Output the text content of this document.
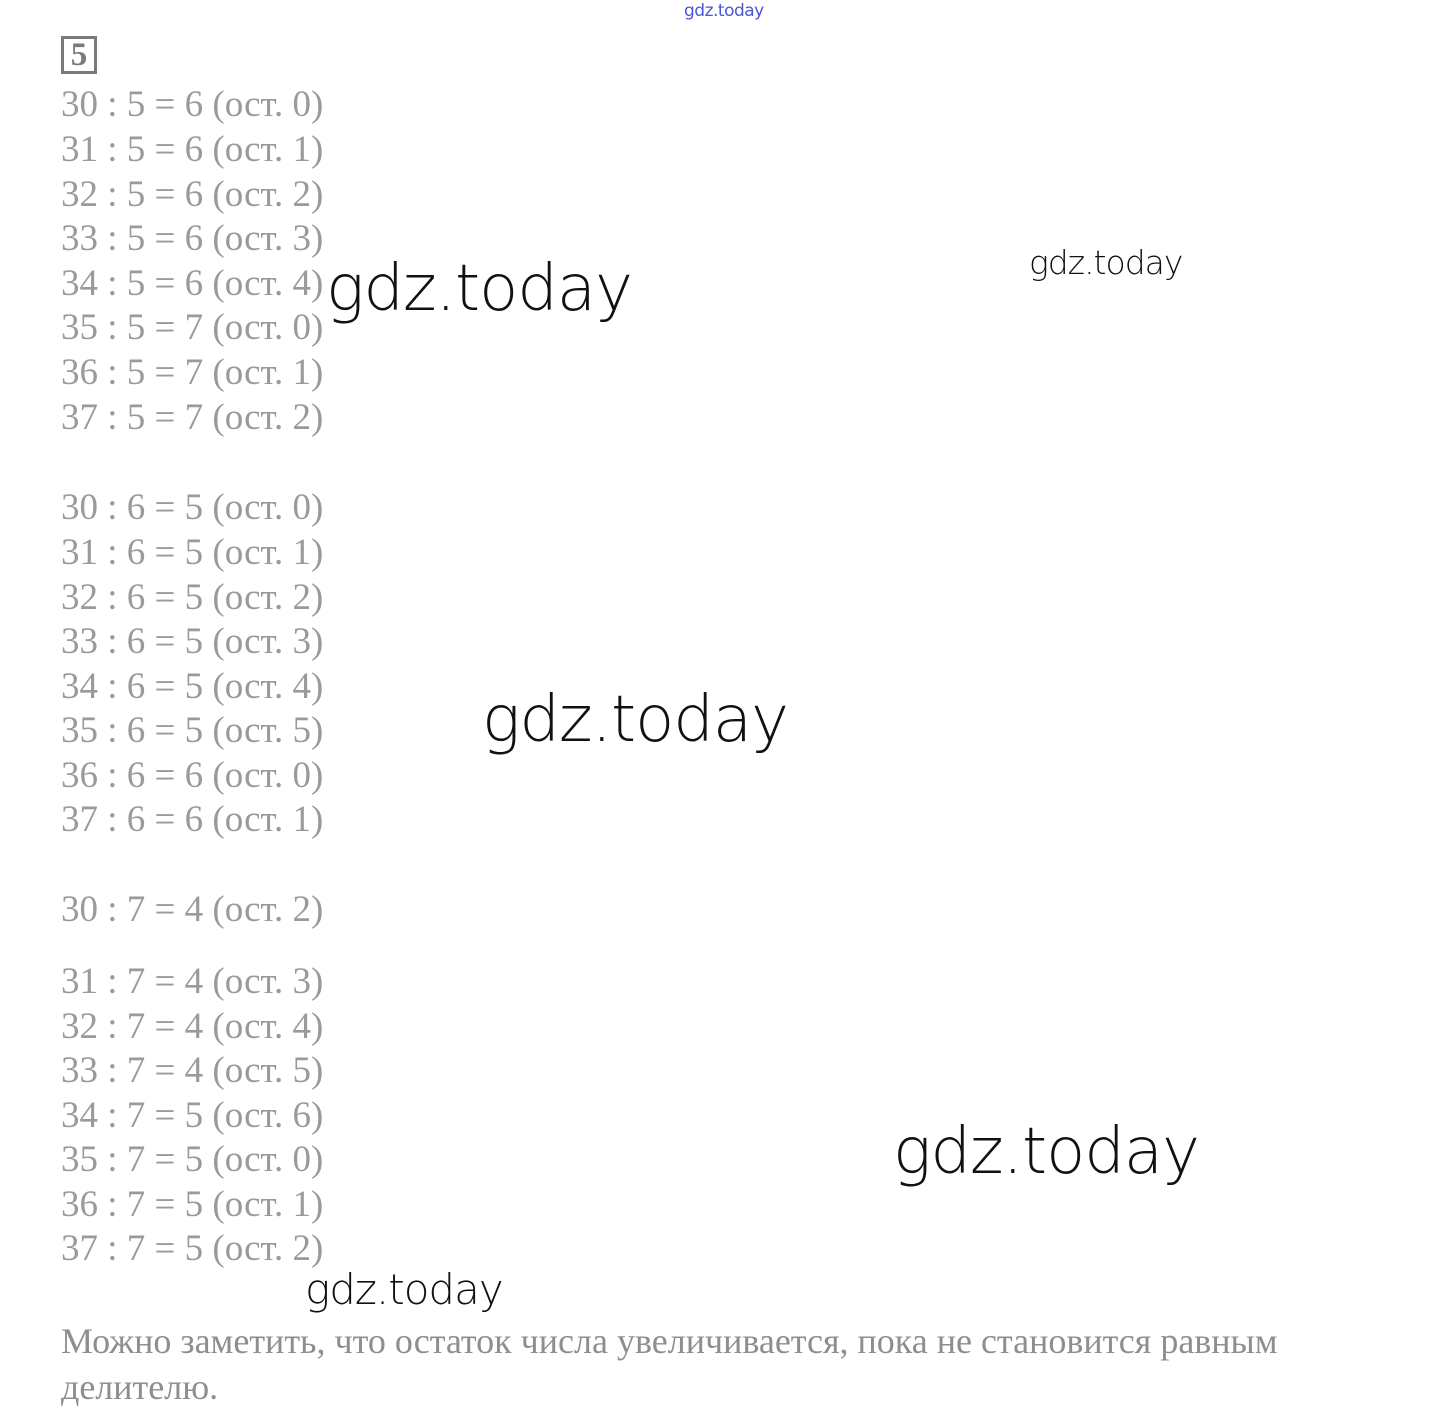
gdz.today
5
30 : 5 = 6 (ост. 0)
31 : 5 = 6 (ост. 1)
32 : 5 = 6 (ост. 2)
33 : 5 = 6 (ост. 3)
34 : 5 = 6 (ост. 4)
35 : 5 = 7 (ост. 0)
36 : 5 = 7 (ост. 1)
37 : 5 = 7 (ост. 2)
30 : 6 = 5 (ост. 0)
31 : 6 = 5 (ост. 1)
32 : 6 = 5 (ост. 2)
33 : 6 = 5 (ост. 3)
34 : 6 = 5 (ост. 4)
35 : 6 = 5 (ост. 5)
36 : 6 = 6 (ост. 0)
37 : 6 = 6 (ост. 1)
30 : 7 = 4 (ост. 2)
31 : 7 = 4 (ост. 3)
32 : 7 = 4 (ост. 4)
33 : 7 = 4 (ост. 5)
34 : 7 = 5 (ост. 6)
35 : 7 = 5 (ост. 0)
36 : 7 = 5 (ост. 1)
37 : 7 = 5 (ост. 2)
Можно заметить, что остаток числа увеличивается, пока не становится равным делителю.
gdz.today	gdz.today
gdz.today
gdz.today
gdz.today
